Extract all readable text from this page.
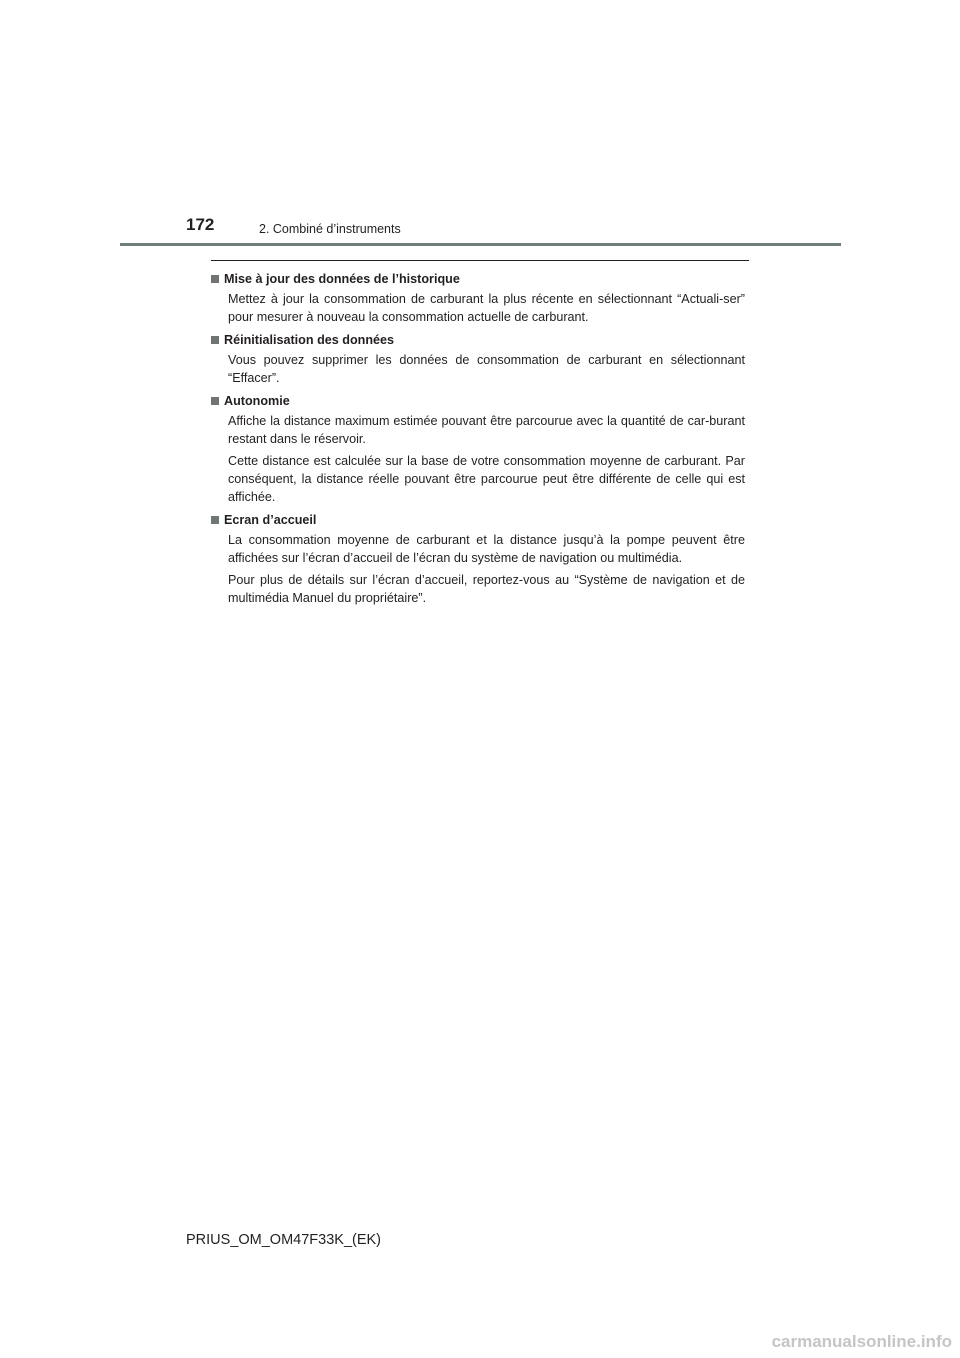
172	2. Combiné d’instruments
Mise à jour des données de l’historique

Mettez à jour la consommation de carburant la plus récente en sélectionnant “Actuali-ser” pour mesurer à nouveau la consommation actuelle de carburant.

Réinitialisation des données

Vous pouvez supprimer les données de consommation de carburant en sélectionnant “Effacer”.

Autonomie

Affiche la distance maximum estimée pouvant être parcourue avec la quantité de car-burant restant dans le réservoir.

Cette distance est calculée sur la base de votre consommation moyenne de carburant. Par conséquent, la distance réelle pouvant être parcourue peut être différente de celle qui est affichée.

Ecran d’accueil

La consommation moyenne de carburant et la distance jusqu’à la pompe peuvent être affichées sur l’écran d’accueil de l’écran du système de navigation ou multimédia.

Pour plus de détails sur l’écran d’accueil, reportez-vous au “Système de navigation et de multimédia Manuel du propriétaire”.

PRIUS_OM_OM47F33K_(EK)
carmanualsonline.info
